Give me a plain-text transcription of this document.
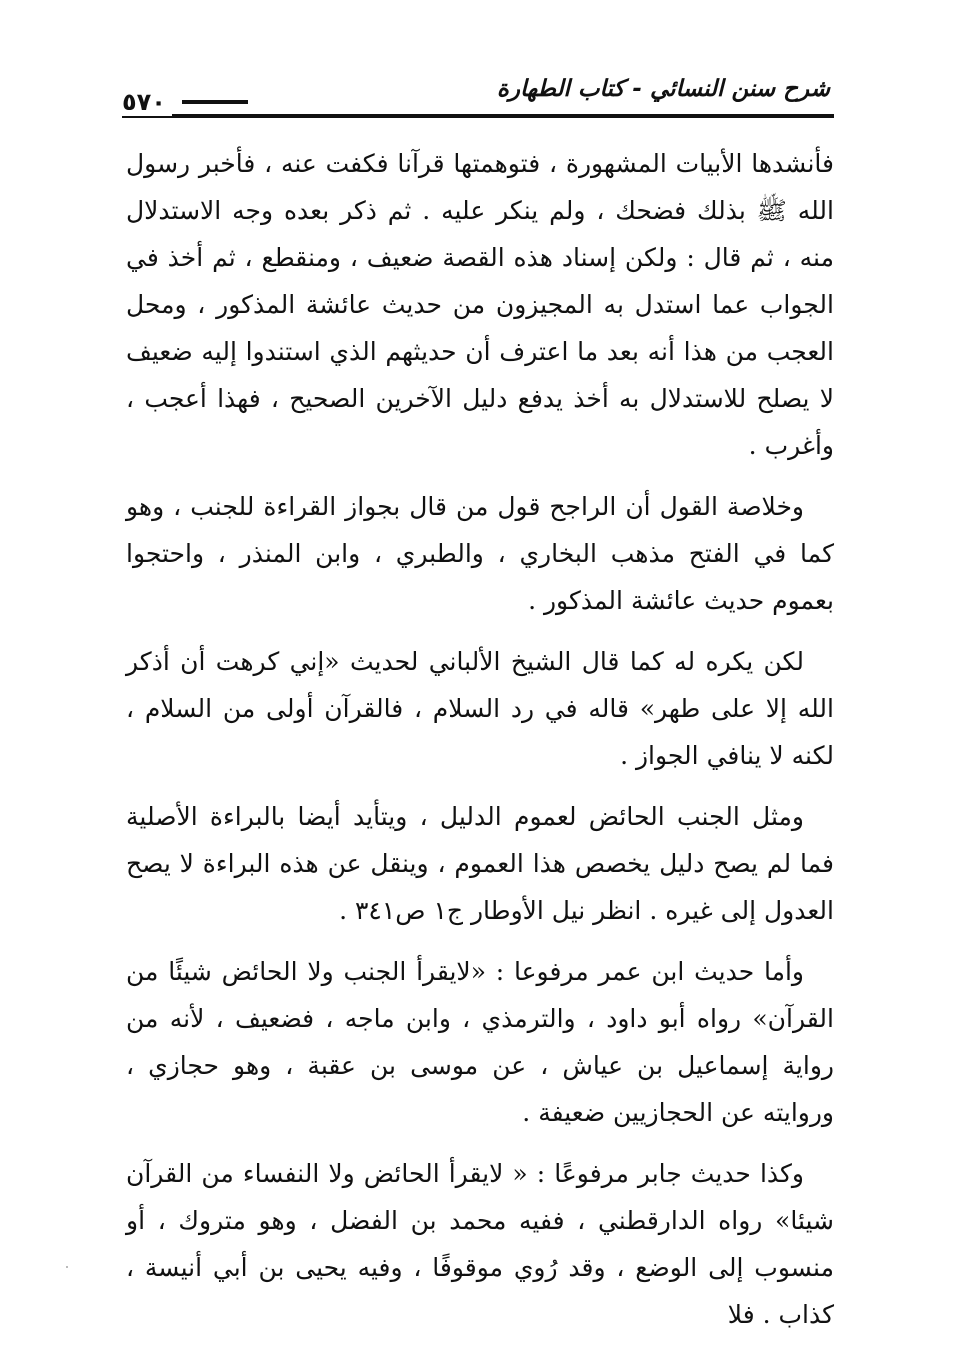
شرح سنن النسائي - كتاب الطهارة
٥٧٠

فأنشدها الأبيات المشهورة ، فتوهمتها قرآنا فكفت عنه ، فأخبر رسول الله ﷺ بذلك فضحك ، ولم ينكر عليه . ثم ذكر بعده وجه الاستدلال منه ، ثم قال : ولكن إسناد هذه القصة ضعيف ، ومنقطع ، ثم أخذ في الجواب عما استدل به المجيزون من حديث عائشة المذكور ، ومحل العجب من هذا أنه بعد ما اعترف أن حديثهم الذي استندوا إليه ضعيف لا يصلح للاستدلال به أخذ يدفع دليل الآخرين الصحيح ، فهذا أعجب ، وأغرب .

وخلاصة القول أن الراجح قول من قال بجواز القراءة للجنب ، وهو كما في الفتح مذهب البخاري ، والطبري ، وابن المنذر ، واحتجوا بعموم حديث عائشة المذكور .

لكن يكره له كما قال الشيخ الألباني لحديث «إني كرهت أن أذكر الله إلا على طهر» قاله في رد السلام ، فالقرآن أولى من السلام ، لكنه لا ينافي الجواز .

ومثل الجنب الحائض لعموم الدليل ، ويتأيد أيضا بالبراءة الأصلية فما لم يصح دليل يخصص هذا العموم ، وينقل عن هذه البراءة لا يصح العدول إلى غيره . انظر نيل الأوطار ج١ ص٣٤١ .

وأما حديث ابن عمر مرفوعا : «لايقرأ الجنب ولا الحائض شيئًا من القرآن» رواه أبو داود ، والترمذي ، وابن ماجه ، فضعيف ، لأنه من رواية إسماعيل بن عياش ، عن موسى بن عقبة ، وهو حجازي ، وروايته عن الحجازيين ضعيفة .

وكذا حديث جابر مرفوعًا : « لايقرأ الحائض ولا النفساء من القرآن شيئا» رواه الدارقطني ، ففيه محمد بن الفضل ، وهو متروك ، أو منسوب إلى الوضع ، وقد رُوي موقوفًا ، وفيه يحيى بن أبي أنيسة ، كذاب . فلا
